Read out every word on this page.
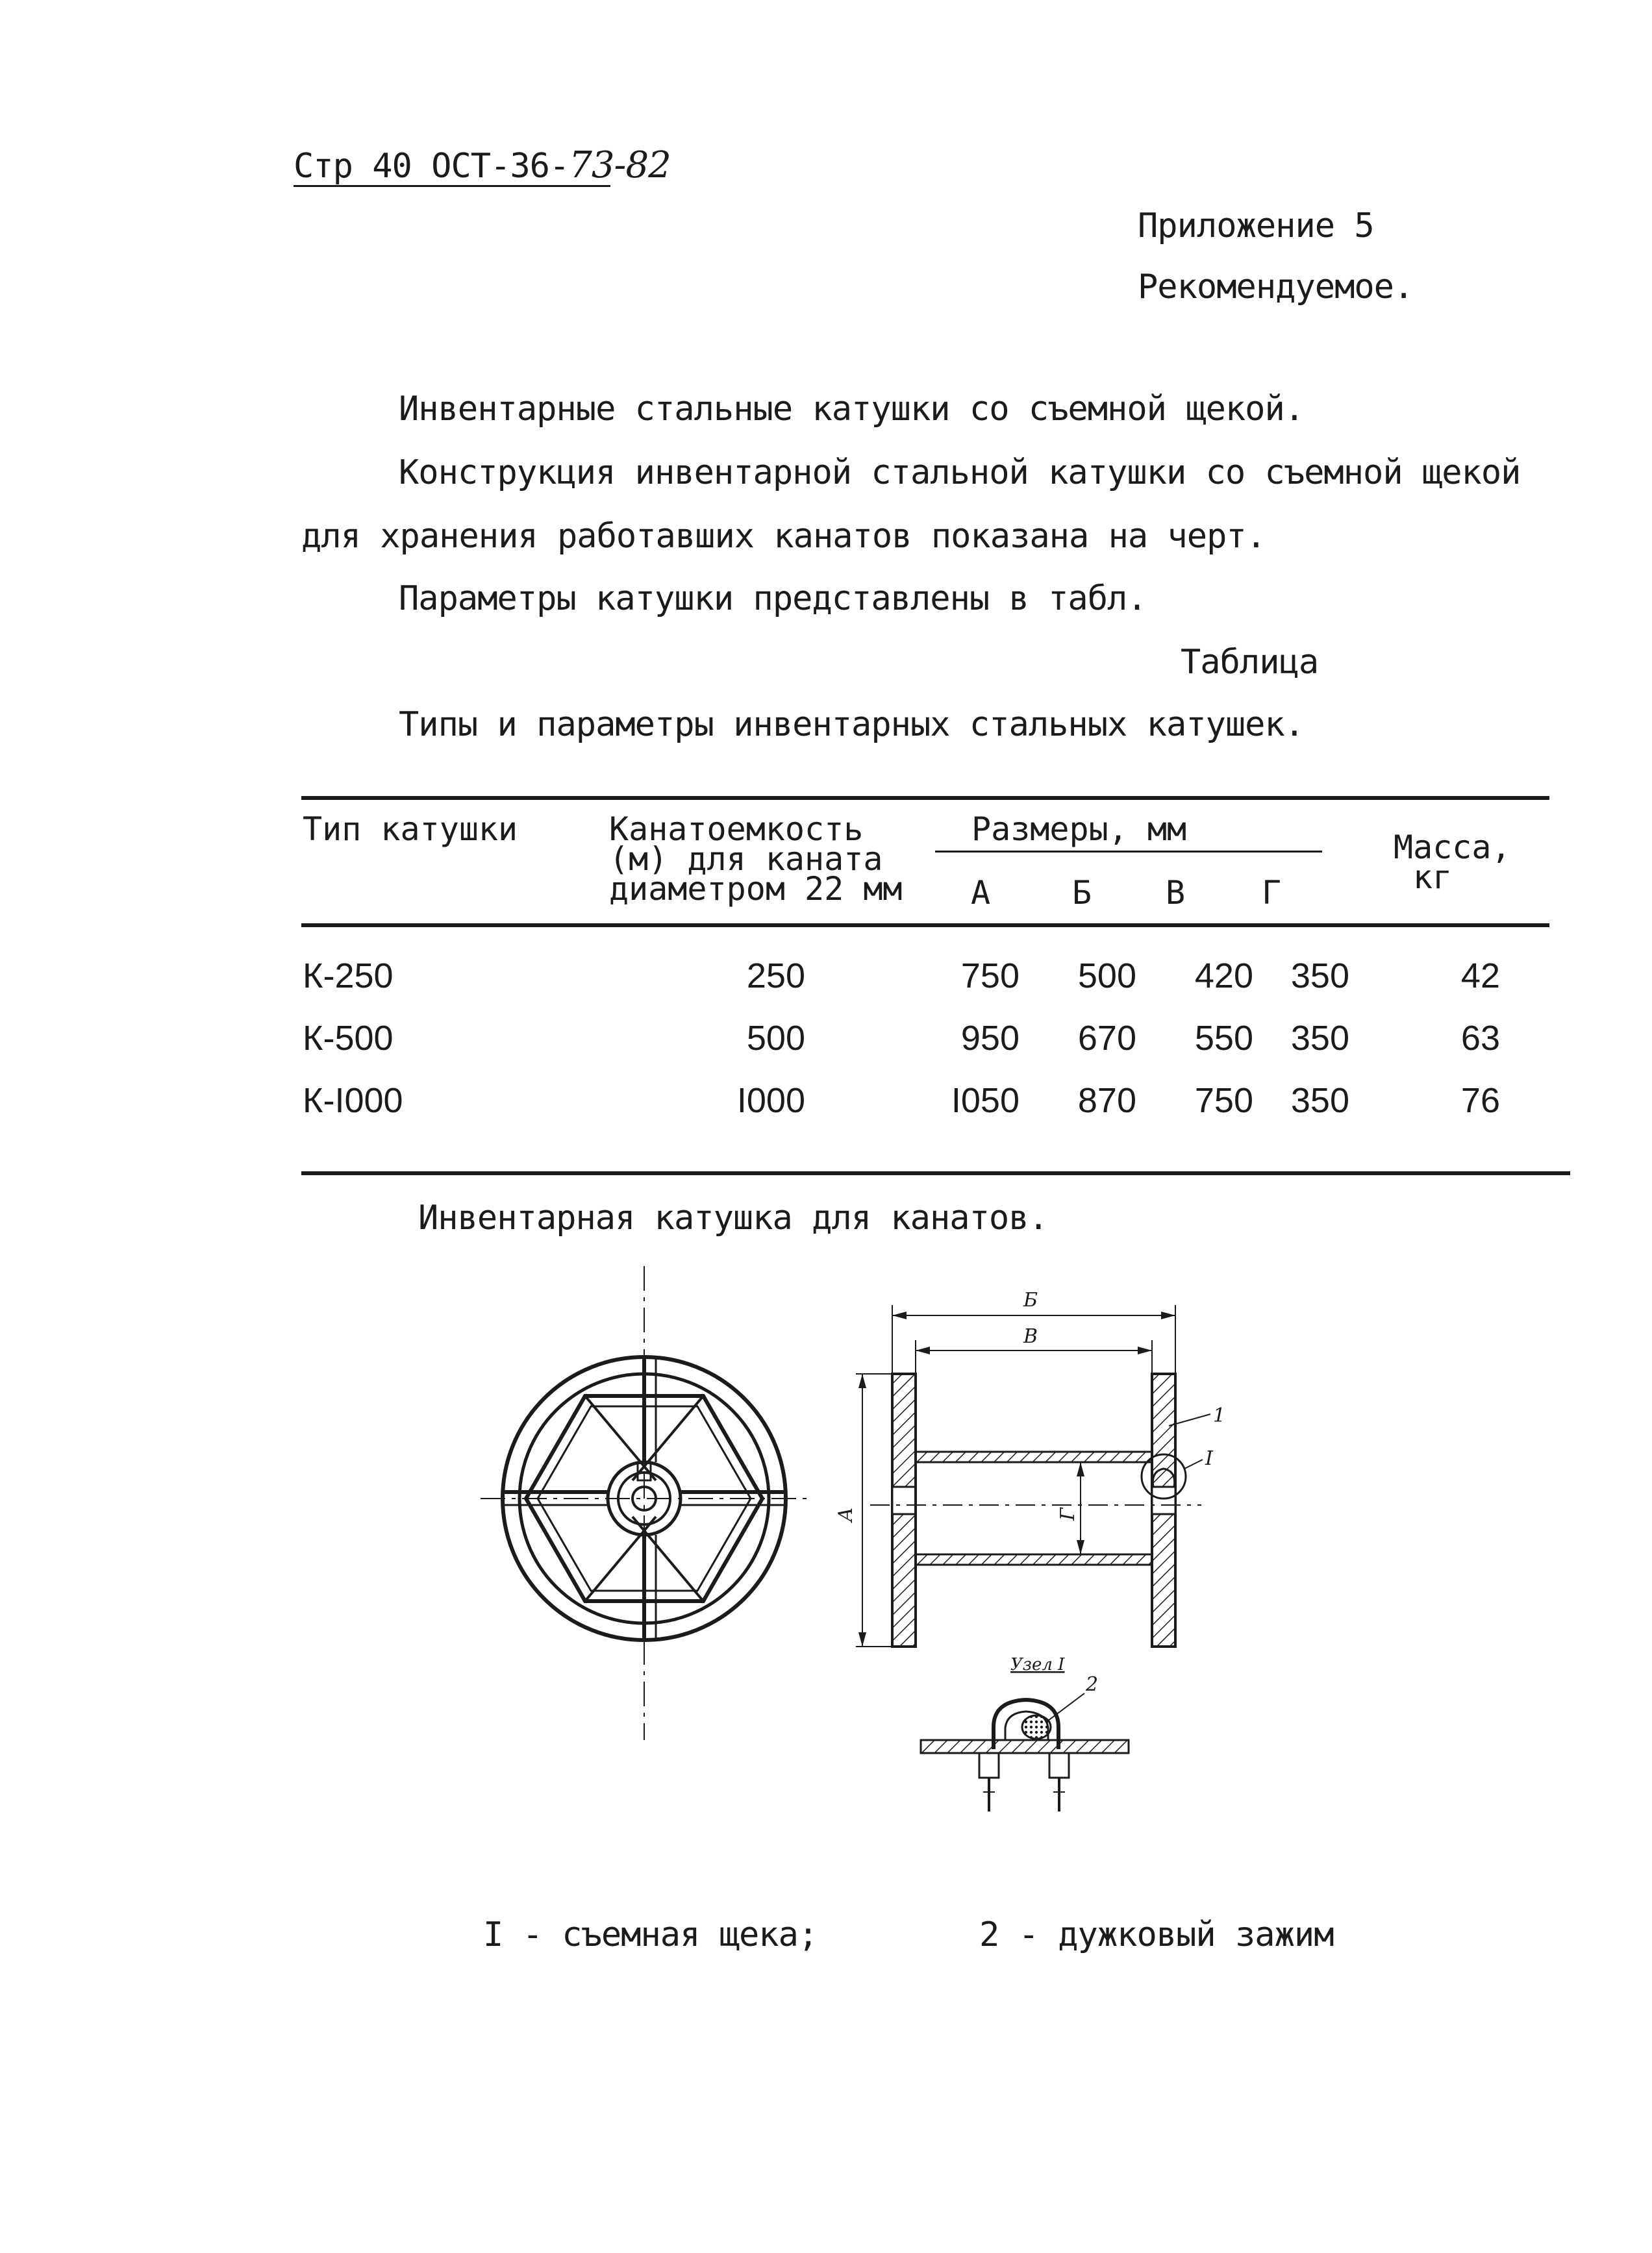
Стр 40 ОСТ-36-73-82
Приложение 5
Рекомендуемое.
Инвентарные стальные катушки со съемной щекой.
Конструкция инвентарной стальной катушки со съемной щекой
для хранения работавших канатов показана на черт.
Параметры катушки представлены в табл.
Таблица
Типы и параметры инвентарных стальных катушек.
Тип катушки	Канатоемкость
(м) для каната
диаметром 22 мм
Размеры, мм
А	Б В Г
Масса,
кг
К-250	250	750	500	420	350	42
К-500	500	950	670	550	350	63
К-I000	I000	I050	870	750	350	76
Инвентарная катушка для канатов.
Б
В
А	Г
1
I
Узел I
2
I - съемная щека;	2 - дужковый зажим
